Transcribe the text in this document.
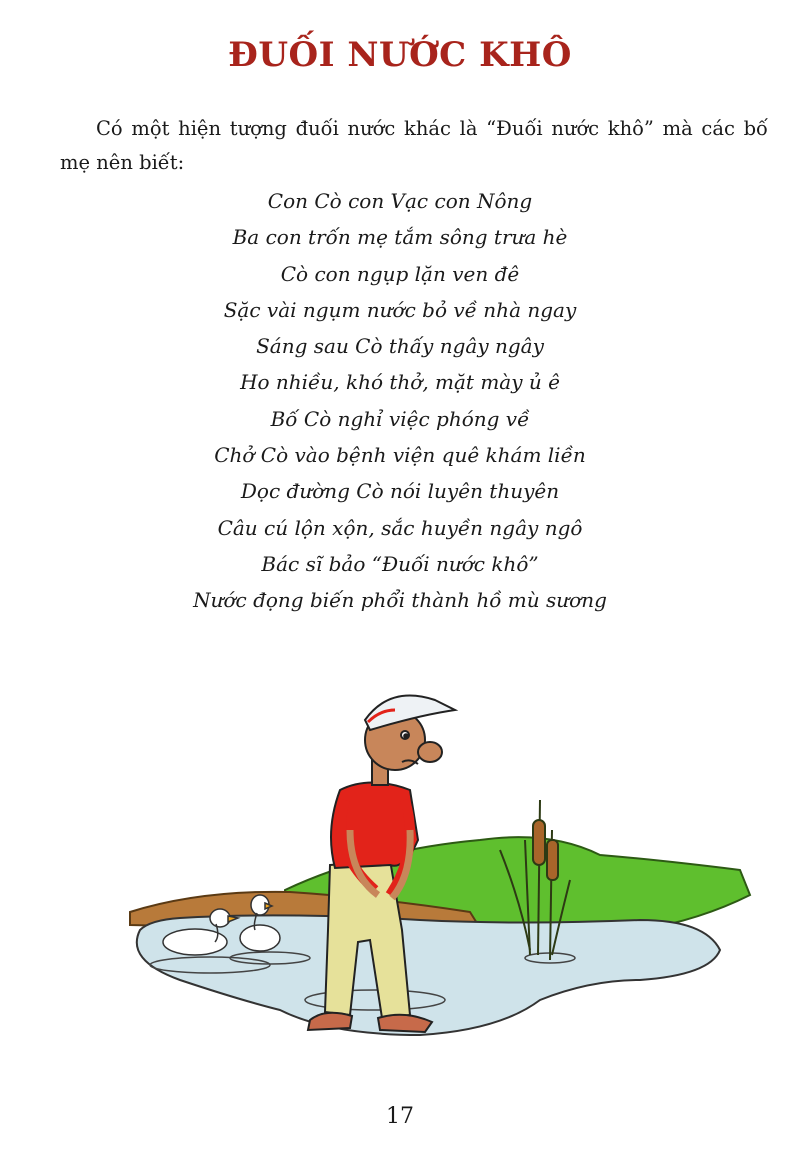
ĐUỐI NƯỚC KHÔ

Có một hiện tượng đuối nước khác là “Đuối nước khô” mà các bố mẹ nên biết:

Con Cò con Vạc con Nông
Ba con trốn mẹ tắm sông trưa hè
Cò con ngụp lặn ven đê
Sặc vài ngụm nước bỏ về nhà ngay
Sáng sau Cò thấy ngây ngây
Ho nhiều, khó thở, mặt mày ủ ê
Bố Cò nghỉ việc phóng về
Chở Cò vào bệnh viện quê khám liền
Dọc đường Cò nói luyên thuyên
Câu cú lộn xộn, sắc huyền ngây ngô
Bác sĩ bảo “Đuối nước khô”
Nước đọng biến phổi thành hồ mù sương
17
